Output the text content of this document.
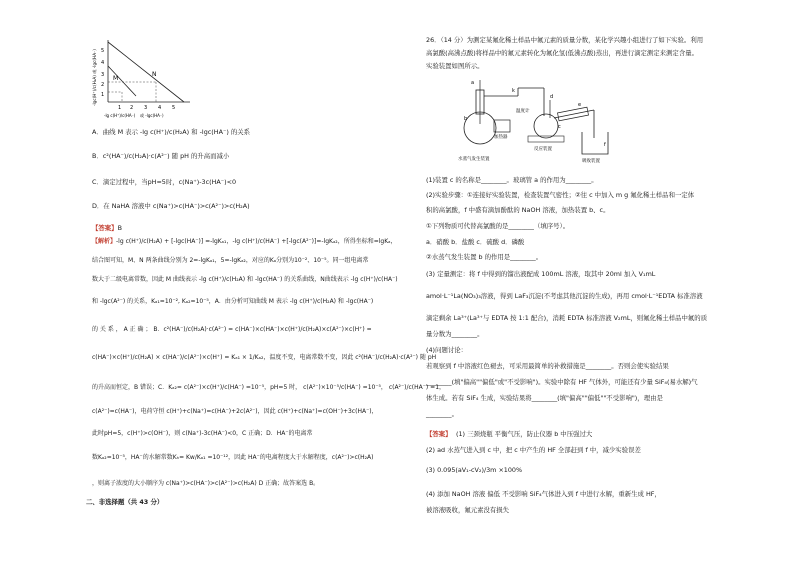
5
4
3
2
1
1 2 3 4 5
M
N
-lgc(H⁺)/c(H₂A) 或 -lgc(HA⁻)
-lg c(H⁺)/c(HA⁻) 或 -lgc(HA⁻)
A．曲线 M 表示 -lg c(H⁺)/c(H₂A) 和 -lgc(HA⁻) 的关系
B．c²(HA⁻)/c(H₂A)·c(A²⁻) 随 pH 的升高而减小
C．滴定过程中，当pH=5时，c(Na⁺)-3c(HA⁻)<0
D．在 NaHA 溶液中 c(Na⁺)>c(HA⁻)>c(A²⁻)>c(H₂A)
【答案】B
【解析】-lg c(H⁺)/c(H₂A) + [-lgc(HA⁻)] =-lgKₐ₁，-lg c(H⁺)/c(HA⁻) +[-lgc(A²⁻)]=-lgKₐ₂，所得坐标和=lgKₐ，
结合图可知，M、N 两条曲线分别为 2=-lgKₐ₁，5=-lgKₐ₂，对应的Kₐ分别为10⁻²、10⁻⁵。同一组电离常
数大于二级电离常数，因此 M 曲线表示 -lg c(H⁺)/c(H₂A) 和 -lgc(HA⁻) 的关系曲线，N曲线表示 -lg c(H⁺)/c(HA⁻)
和 -lgc(A²⁻) 的关系，Kₐ₁=10⁻², Kₐ₂=10⁻⁵，A．由分析可知曲线 M 表示 -lg c(H⁺)/c(H₂A) 和 -lgc(HA⁻)
的 关 系 ， A 正 确 ； B．c²(HA⁻)/c(H₂A)·c(A²⁻) = c(HA⁻)×c(HA⁻)×c(H⁺)/c(H₂A)×c(A²⁻)×c(H⁺) =
c(HA⁻)×c(H⁺)/c(H₂A) × c(HA⁻)/c(A²⁻)×c(H⁺) = Kₐ₁ × 1/Kₐ₂，温度不变，电离常数不变，因此 c²(HA⁻)/c(H₂A)·c(A²⁻) 随 pH
的升高而恒定，B 错误；C．Kₐ₂= c(A²⁻)×c(H⁺)/c(HA⁻) =10⁻⁵，pH=5 时， c(A²⁻)×10⁻⁵/c(HA⁻) =10⁻⁵， c(A²⁻)/c(HA⁻) =1，
c(A²⁻)=c(HA⁻)，电荷守恒 c(H⁺)+c(Na⁺)=c(HA⁻)+2c(A²⁻)，因此 c(H⁺)+c(Na⁺)=c(OH⁻)+3c(HA⁻)，
此时pH=5，c(H⁺)>c(OH⁻)，则 c(Na⁺)-3c(HA⁻)<0，C 正确；D．HA⁻的电离常
数Kₐ₂=10⁻⁵，HA⁻的水解常数Kₕ= Kw/Kₐ₁ =10⁻¹²，因此 HA⁻的电离程度大于水解程度，c(A²⁻)>c(H₂A)
，则离子浓度的大小顺序为 c(Na⁺)>c(HA⁻)>c(A²⁻)>c(H₂A) D 正确；故答案选 B。
二、非选择题（共 43 分）
26．（14 分）为测定某氟化稀土样品中氟元素的质量分数，某化学兴趣小组进行了如下实验。利用
高氯酸(高沸点酸)将样品中的氟元素转化为氟化氢(低沸点酸)蒸出，再进行滴定测定来测定含量。
实验装置如图所示。
a
b
k
d
c
e
f
温度计
加热器
水蒸气发生装置
反应装置
吸收装置
(1)装置 c 的名称是________。玻璃管 a 的作用为________。
(2)实验步骤：①连接好实验装置，检查装置气密性；②往 c 中加入 m g 氟化稀土样品和一定体
积的高氯酸，f 中盛有滴加酚酞的 NaOH 溶液，加热装置 b、c。
①下列物质可代替高氯酸的是________（填序号）。
a．硝酸 b．盐酸 c．硫酸 d．磷酸
②水蒸气发生装置 b 的作用是________。
(3) 定量测定：将 f 中得到的馏出液配成 100mL 溶液，取其中 20ml 加入 V₁mL
amol·L⁻¹La(NO₃)₃溶液，得到 LaF₃沉淀(不考虑其他沉淀的生成)，再用 cmol·L⁻¹EDTA 标准溶液
滴定剩余 La³⁺(La³⁺与 EDTA 按 1:1 配合)，消耗 EDTA 标准溶液 V₂mL，则氟化稀土样品中氟的质
量分数为________。
(4)问题讨论：
若观察到 f 中溶液红色褪去，可采用最简单的补救措施是________。否则会使实验结果
________(填"偏高""偏低"或"不受影响")。实验中除有 HF 气体外，可能还有少量 SiF₄(易水解)气
体生成。若有 SiF₄ 生成，实验结果将________(填"偏高""偏低""不受影响")，理由是
________。
【答案】 (1) 三颈烧瓶 平衡气压，防止仪器 b 中压强过大
(2) ad 水蒸气进入到 c 中，把 c 中产生的 HF 全部赶到 f 中，减少实验误差
(3) 0.095(aV₁-cV₂)/3m ×100%
(4) 添加 NaOH 溶液 偏低 不受影响 SiF₄气体进入到 f 中进行水解，重新生成 HF，
被溶液吸收，氟元素没有损失
